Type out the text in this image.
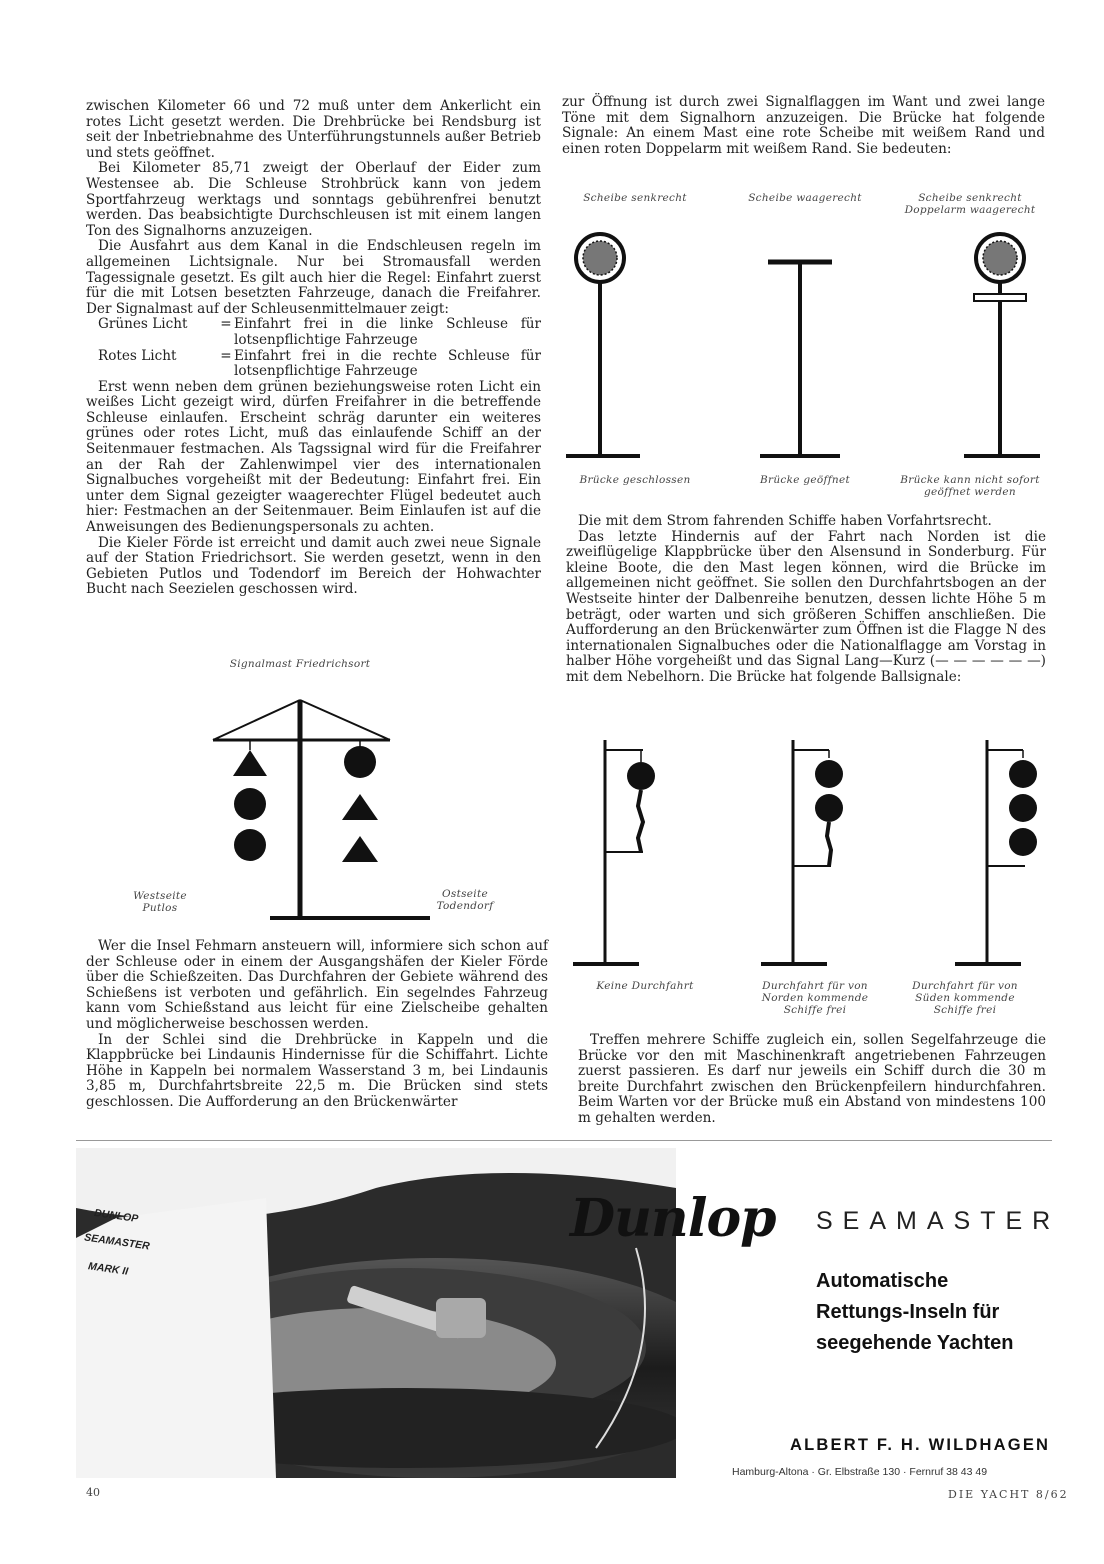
zwischen Kilometer 66 und 72 muß unter dem Ankerlicht ein rotes Licht gesetzt werden. Die Drehbrücke bei Rendsburg ist seit der Inbetriebnahme des Unterführungstunnels außer Betrieb und stets geöffnet.

Bei Kilometer 85,71 zweigt der Oberlauf der Eider zum Westensee ab. Die Schleuse Strohbrück kann von jedem Sportfahrzeug werktags und sonntags gebührenfrei benutzt werden. Das beabsichtigte Durchschleusen ist mit einem langen Ton des Signalhorns anzuzeigen.

Die Ausfahrt aus dem Kanal in die Endschleusen regeln im allgemeinen Lichtsignale. Nur bei Stromausfall werden Tagessignale gesetzt. Es gilt auch hier die Regel: Einfahrt zuerst für die mit Lotsen besetzten Fahrzeuge, danach die Freifahrer. Der Signalmast auf der Schleusenmittelmauer zeigt:

Grünes Licht	= Einfahrt frei in die linke Schleuse für lotsenpflichtige Fahrzeuge
Rotes Licht	= Einfahrt frei in die rechte Schleuse für lotsenpflichtige Fahrzeuge

Erst wenn neben dem grünen beziehungsweise roten Licht ein weißes Licht gezeigt wird, dürfen Freifahrer in die betreffende Schleuse einlaufen. Erscheint schräg darunter ein weiteres grünes oder rotes Licht, muß das einlaufende Schiff an der Seitenmauer festmachen. Als Tagssignal wird für die Freifahrer an der Rah der Zahlenwimpel vier des internationalen Signalbuches vorgeheißt mit der Bedeutung: Einfahrt frei. Ein unter dem Signal gezeigter waagerechter Flügel bedeutet auch hier: Festmachen an der Seitenmauer. Beim Einlaufen ist auf die Anweisungen des Bedienungspersonals zu achten.

Die Kieler Förde ist erreicht und damit auch zwei neue Signale auf der Station Friedrichsort. Sie werden gesetzt, wenn in den Gebieten Putlos und Todendorf im Bereich der Hohwachter Bucht nach Seezielen geschossen wird.

Signalmast Friedrichsort
Westseite
Putlos
Ostseite
Todendorf

Wer die Insel Fehmarn ansteuern will, informiere sich schon auf der Schleuse oder in einem der Ausgangshäfen der Kieler Förde über die Schießzeiten. Das Durchfahren der Gebiete während des Schießens ist verboten und gefährlich. Ein segelndes Fahrzeug kann vom Schießstand aus leicht für eine Zielscheibe gehalten und möglicherweise beschossen werden.

In der Schlei sind die Drehbrücke in Kappeln und die Klappbrücke bei Lindaunis Hindernisse für die Schiffahrt. Lichte Höhe in Kappeln bei normalem Wasserstand 3 m, bei Lindaunis 3,85 m, Durchfahrtsbreite 22,5 m. Die Brücken sind stets geschlossen. Die Aufforderung an den Brückenwärter

zur Öffnung ist durch zwei Signalflaggen im Want und zwei lange Töne mit dem Signalhorn anzuzeigen. Die Brücke hat folgende Signale: An einem Mast eine rote Scheibe mit weißem Rand und einen roten Doppelarm mit weißem Rand. Sie bedeuten:

Scheibe senkrecht	Scheibe waagerecht	Scheibe senkrecht
Doppelarm waagerecht
Brücke geschlossen	Brücke geöffnet	Brücke kann nicht sofort
geöffnet werden

Die mit dem Strom fahrenden Schiffe haben Vorfahrtsrecht.

Das letzte Hindernis auf der Fahrt nach Norden ist die zweiflügelige Klappbrücke über den Alsensund in Sonderburg. Für kleine Boote, die den Mast legen können, wird die Brücke im allgemeinen nicht geöffnet. Sie sollen den Durchfahrtsbogen an der Westseite hinter der Dalbenreihe benutzen, dessen lichte Höhe 5 m beträgt, oder warten und sich größeren Schiffen anschließen. Die Aufforderung an den Brückenwärter zum Öffnen ist die Flagge N des internationalen Signalbuches oder die Nationalflagge am Vorstag in halber Höhe vorgeheißt und das Signal Lang—Kurz (— — — — — —) mit dem Nebelhorn. Die Brücke hat folgende Ballsignale:

Keine Durchfahrt	Durchfahrt für von
Norden kommende
Schiffe frei
Durchfahrt für von
Süden kommende
Schiffe frei

Treffen mehrere Schiffe zugleich ein, sollen Segelfahrzeuge die Brücke vor den mit Maschinenkraft angetriebenen Fahrzeugen zuerst passieren. Es darf nur jeweils ein Schiff durch die 30 m breite Durchfahrt zwischen den Brückenpfeilern hindurchfahren. Beim Warten vor der Brücke muß ein Abstand von mindestens 100 m gehalten werden.

DUNLOP
SEAMASTER
MARK II
Dunlop SEAMASTER
Automatische
Rettungs-Inseln für
seegehende Yachten
ALBERT F. H. WILDHAGEN
Hamburg-Altona · Gr. Elbstraße 130 · Fernruf 38 43 49
40	DIE YACHT 8/62
